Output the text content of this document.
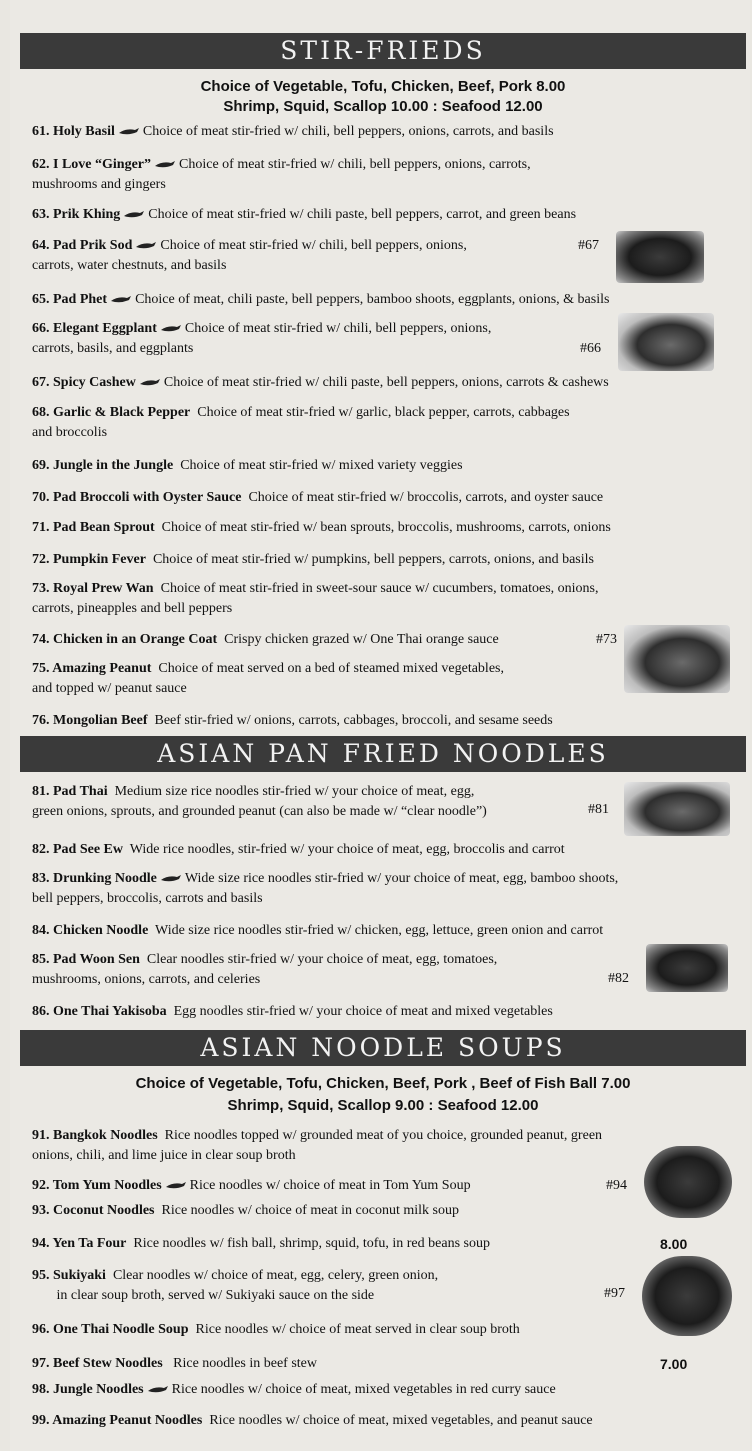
STIR-FRIEDS
Choice of Vegetable, Tofu, Chicken, Beef, Pork 8.00
Shrimp, Squid, Scallop 10.00 : Seafood 12.00
61. Holy Basil Choice of meat stir-fried w/ chili, bell peppers, onions, carrots, and basils
62. I Love “Ginger” Choice of meat stir-fried w/ chili, bell peppers, onions, carrots,
mushrooms and gingers
63. Prik Khing Choice of meat stir-fried w/ chili paste, bell peppers, carrot, and green beans
64. Pad Prik Sod Choice of meat stir-fried w/ chili, bell peppers, onions,
carrots, water chestnuts, and basils
#67
65. Pad Phet Choice of meat, chili paste, bell peppers, bamboo shoots, eggplants, onions, & basils
66. Elegant Eggplant Choice of meat stir-fried w/ chili, bell peppers, onions,
carrots, basils, and eggplants	#66
67. Spicy Cashew Choice of meat stir-fried w/ chili paste, bell peppers, onions, carrots & cashews
68. Garlic & Black Pepper Choice of meat stir-fried w/ garlic, black pepper, carrots, cabbages
and broccolis
69. Jungle in the Jungle Choice of meat stir-fried w/ mixed variety veggies
70. Pad Broccoli with Oyster Sauce Choice of meat stir-fried w/ broccolis, carrots, and oyster sauce
71. Pad Bean Sprout Choice of meat stir-fried w/ bean sprouts, broccolis, mushrooms, carrots, onions
72. Pumpkin Fever Choice of meat stir-fried w/ pumpkins, bell peppers, carrots, onions, and basils
73. Royal Prew Wan Choice of meat stir-fried in sweet-sour sauce w/ cucumbers, tomatoes, onions,
carrots, pineapples and bell peppers
74. Chicken in an Orange Coat Crispy chicken grazed w/ One Thai orange sauce	#73
75. Amazing Peanut Choice of meat served on a bed of steamed mixed vegetables,
and topped w/ peanut sauce
76. Mongolian Beef Beef stir-fried w/ onions, carrots, cabbages, broccoli, and sesame seeds
ASIAN PAN FRIED NOODLES
81. Pad Thai Medium size rice noodles stir-fried w/ your choice of meat, egg,
green onions, sprouts, and grounded peanut (can also be made w/ “clear noodle”)	#81
82. Pad See Ew Wide rice noodles, stir-fried w/ your choice of meat, egg, broccolis and carrot
83. Drunking Noodle Wide size rice noodles stir-fried w/ your choice of meat, egg, bamboo shoots,
bell peppers, broccolis, carrots and basils
84. Chicken Noodle Wide size rice noodles stir-fried w/ chicken, egg, lettuce, green onion and carrot
85. Pad Woon Sen Clear noodles stir-fried w/ your choice of meat, egg, tomatoes,
mushrooms, onions, carrots, and celeries	#82
86. One Thai Yakisoba Egg noodles stir-fried w/ your choice of meat and mixed vegetables
ASIAN NOODLE SOUPS
Choice of Vegetable, Tofu, Chicken, Beef, Pork , Beef of Fish Ball 7.00
Shrimp, Squid, Scallop 9.00 : Seafood 12.00
91. Bangkok Noodles Rice noodles topped w/ grounded meat of you choice, grounded peanut, green
onions, chili, and lime juice in clear soup broth
92. Tom Yum Noodles Rice noodles w/ choice of meat in Tom Yum Soup	#94
93. Coconut Noodles Rice noodles w/ choice of meat in coconut milk soup
94. Yen Ta Four Rice noodles w/ fish ball, shrimp, squid, tofu, in red beans soup	8.00
95. Sukiyaki Clear noodles w/ choice of meat, egg, celery, green onion,
in clear soup broth, served w/ Sukiyaki sauce on the side	#97
96. One Thai Noodle Soup Rice noodles w/ choice of meat served in clear soup broth
97. Beef Stew Noodles Rice noodles in beef stew	7.00
98. Jungle Noodles Rice noodles w/ choice of meat, mixed vegetables in red curry sauce
99. Amazing Peanut Noodles Rice noodles w/ choice of meat, mixed vegetables, and peanut sauce
